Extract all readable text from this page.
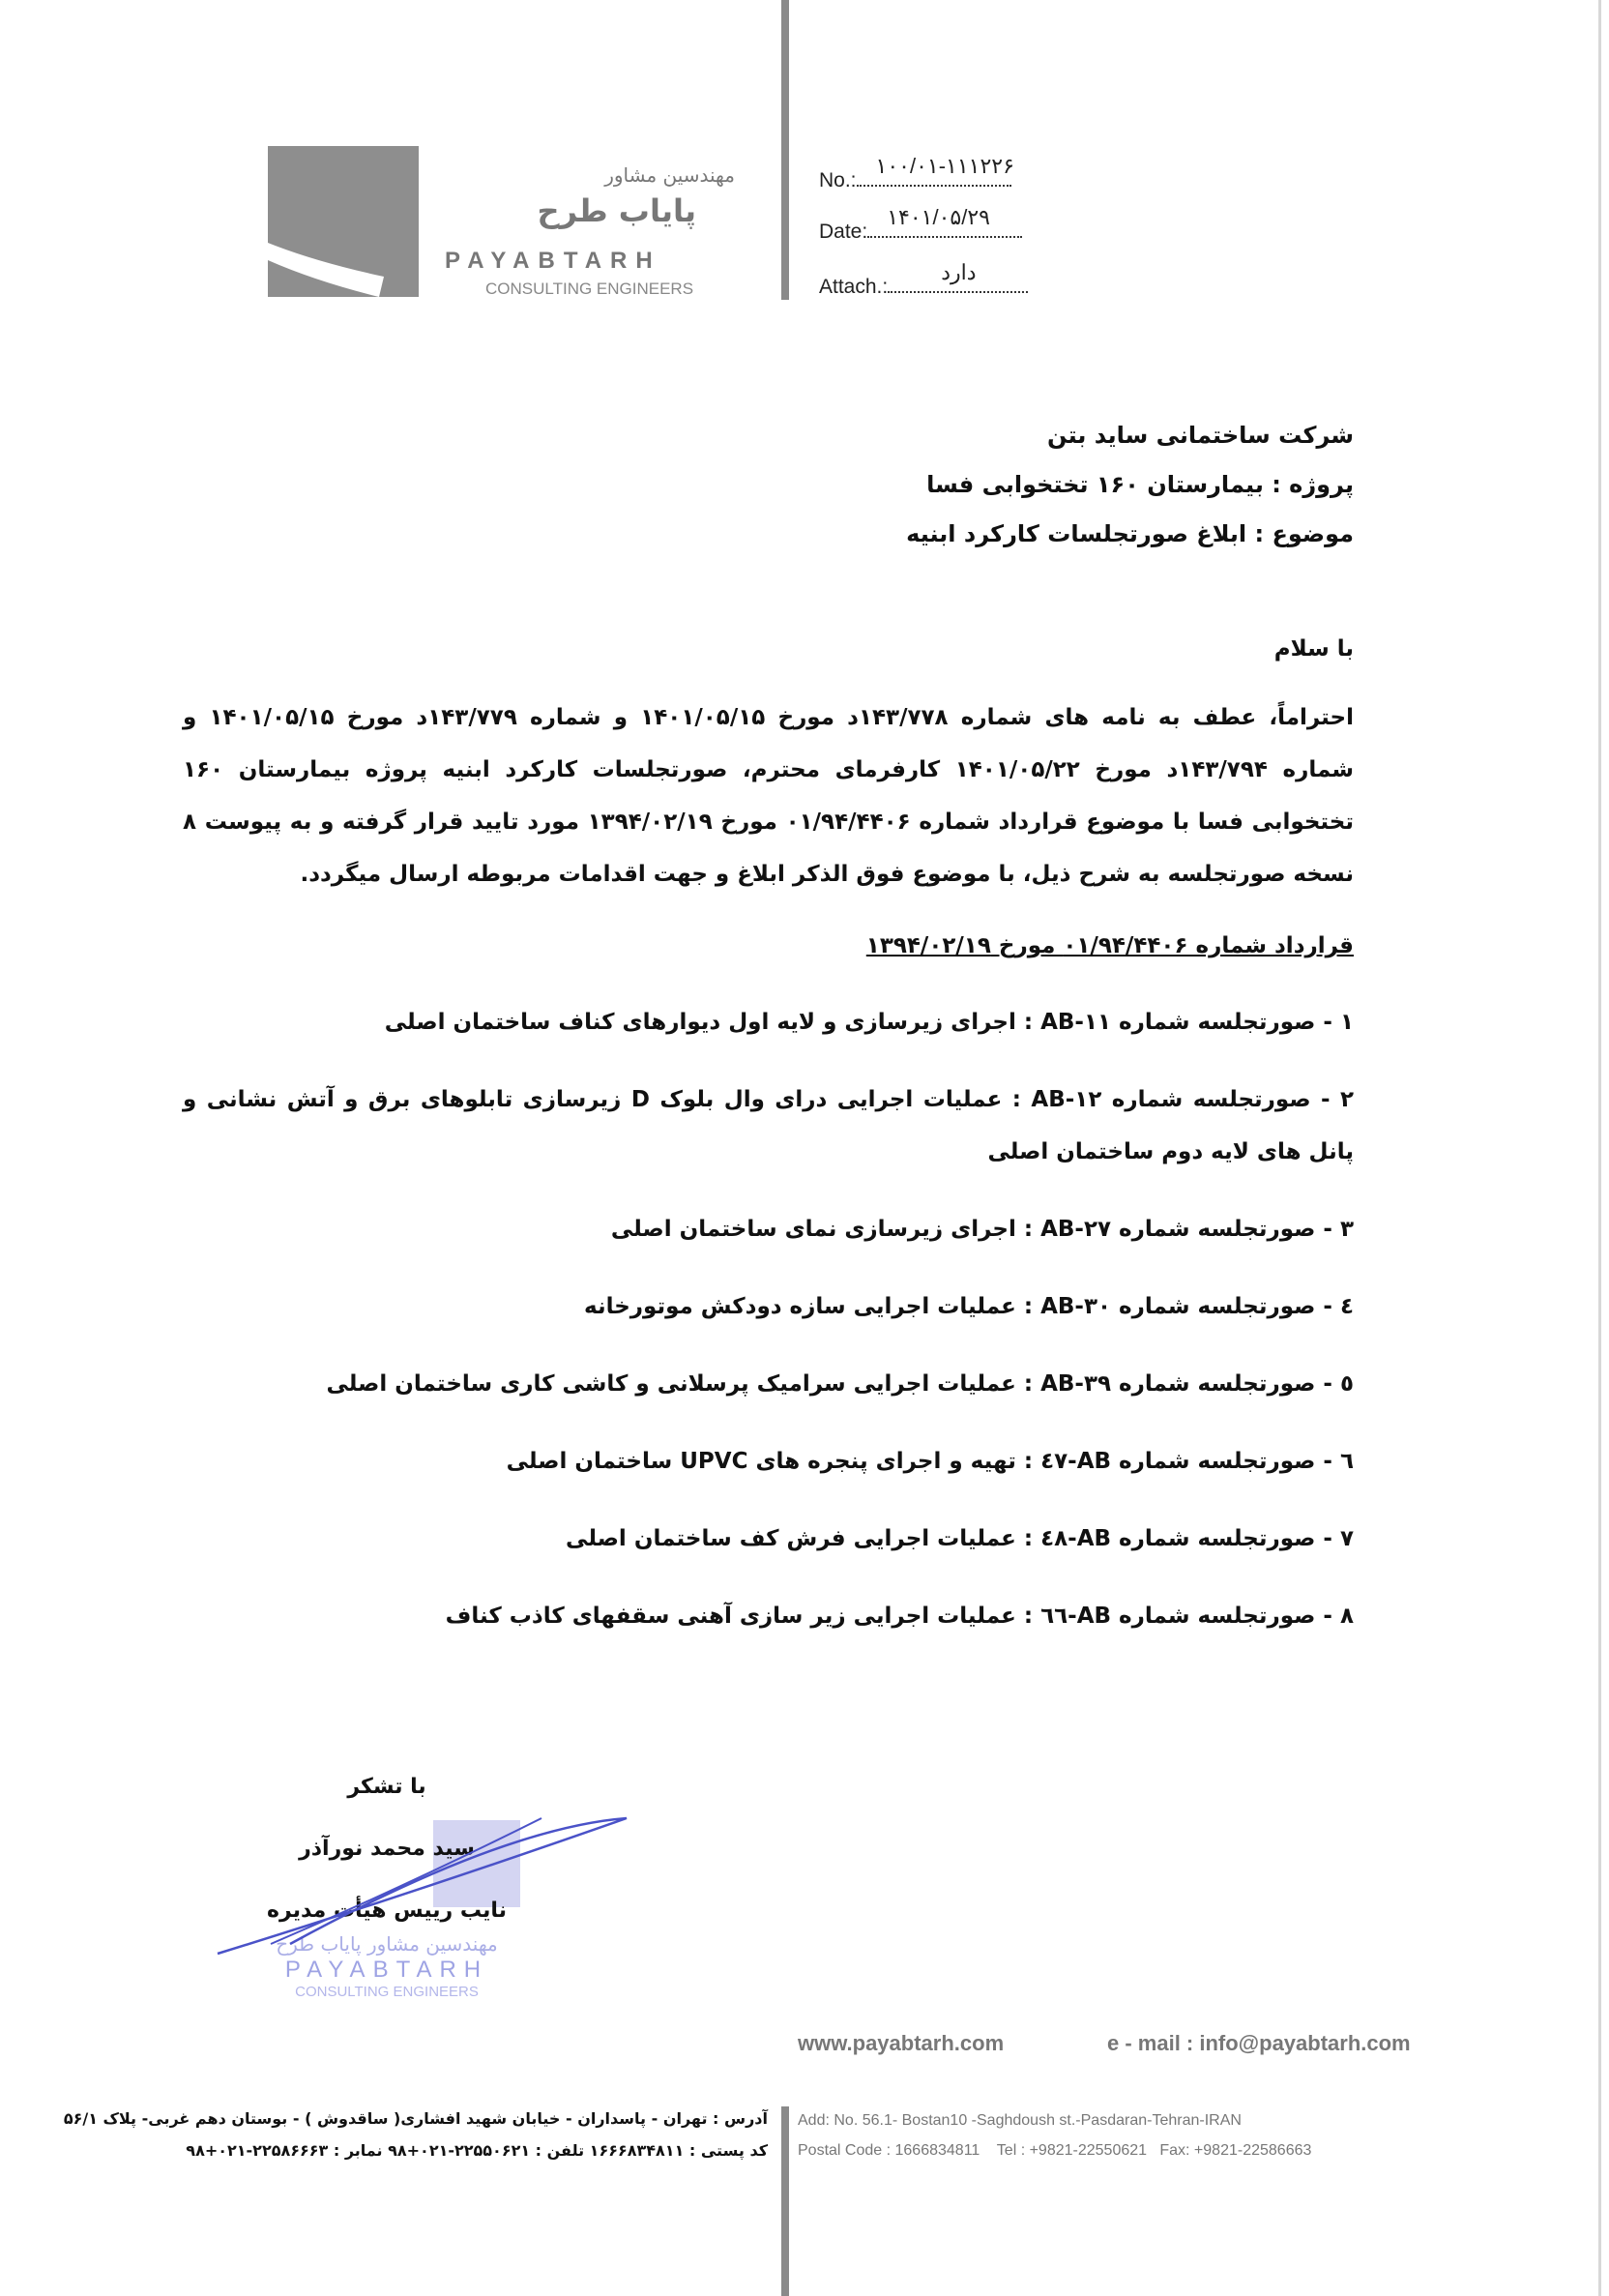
مهندسین مشاور
پایاب طرح
PAYABTARH
CONSULTING ENGINEERS
No.:
۱۰۰/۰۱-۱۱۱۲۲۶
Date:
۱۴۰۱/۰۵/۲۹
Attach.:
دارد
شرکت ساختمانی ساید بتن
پروژه : بیمارستان ۱۶۰ تختخوابی فسا
موضوع : ابلاغ صورتجلسات کارکرد ابنیه
با سلام
احتراماً، عطف به نامه های شماره ۱۴۳/۷۷۸د مورخ ۱۴۰۱/۰۵/۱۵ و شماره ۱۴۳/۷۷۹د مورخ ۱۴۰۱/۰۵/۱۵ و شماره ۱۴۳/۷۹۴د مورخ ۱۴۰۱/۰۵/۲۲ کارفرمای محترم، صورتجلسات کارکرد ابنیه پروژه بیمارستان ۱۶۰ تختخوابی فسا با موضوع قرارداد شماره ۰۱/۹۴/۴۴۰۶ مورخ ۱۳۹۴/۰۲/۱۹ مورد تایید قرار گرفته و به پیوست ۸ نسخه صورتجلسه به شرح ذیل، با موضوع فوق الذکر ابلاغ و جهت اقدامات مربوطه ارسال میگردد.
قرارداد شماره ۰۱/۹۴/۴۴۰۶ مورخ ۱۳۹۴/۰۲/۱۹
۱ - صورتجلسه شماره AB-۱۱ : اجرای زیرسازی و لایه اول دیوارهای کناف ساختمان اصلی
۲ - صورتجلسه شماره AB-۱۲ : عملیات اجرایی درای وال بلوک D زیرسازی تابلوهای برق و آتش نشانی و پانل های لایه دوم ساختمان اصلی
۳ - صورتجلسه شماره AB-۲۷ : اجرای زیرسازی نمای ساختمان اصلی
٤ - صورتجلسه شماره AB-۳۰ : عملیات اجرایی سازه دودکش موتورخانه
٥ - صورتجلسه شماره AB-۳۹ : عملیات اجرایی سرامیک پرسلانی و کاشی کاری ساختمان اصلی
٦ - صورتجلسه شماره AB-٤٧ : تهیه و اجرای پنجره های UPVC ساختمان اصلی
۷ - صورتجلسه شماره AB-٤٨ : عملیات اجرایی فرش کف ساختمان اصلی
۸ - صورتجلسه شماره AB-٦٦ : عملیات اجرایی زیر سازی آهنی سقفهای کاذب کناف
با تشکر
سید محمد نورآذر
نایب رییس هیأت مدیره
مهندسین مشاور پایاب طرح
PAYABTARH
CONSULTING ENGINEERS
www.payabtarh.com	e - mail : info@payabtarh.com
آدرس : تهران - پاسداران - خیابان شهید افشاری( ساقدوش ) - بوستان دهم غربی- پلاک ۵۶/۱
کد پستی : ۱۶۶۶۸۳۴۸۱۱ تلفن : ۲۲۵۵۰۶۲۱-۰۲۱+۹۸ نمابر : ۲۲۵۸۶۶۶۳-۰۲۱+۹۸
Add: No. 56.1- Bostan10 -Saghdoush st.-Pasdaran-Tehran-IRAN
Postal Code : 1666834811    Tel : +9821-22550621   Fax: +9821-22586663
